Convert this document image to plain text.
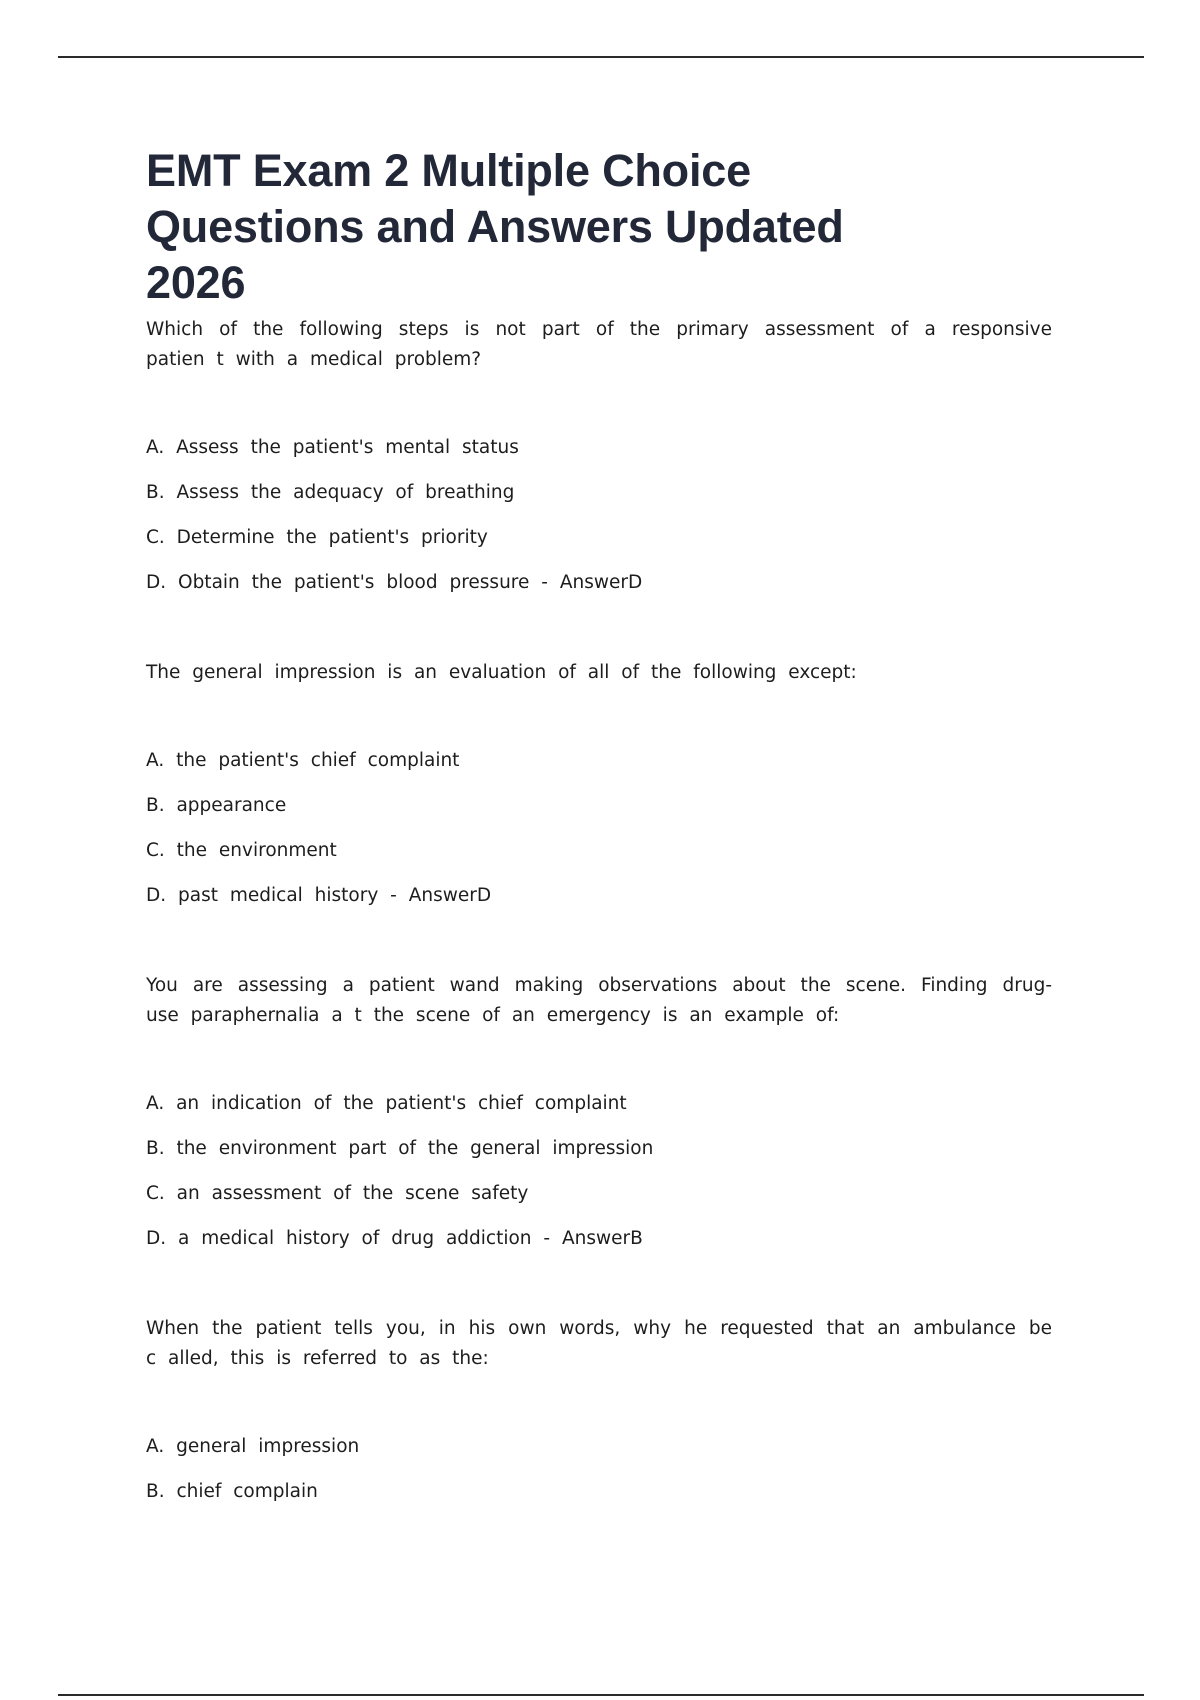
EMT Exam 2 Multiple Choice Questions and Answers Updated 2026

Which of the following steps is not part of the primary assessment of a responsive patien t with a medical problem?

A. Assess the patient's mental status
B. Assess the adequacy of breathing
C. Determine the patient's priority
D. Obtain the patient's blood pressure - AnswerD

The general impression is an evaluation of all of the following except:

A. the patient's chief complaint
B. appearance
C. the environment
D. past medical history - AnswerD

You are assessing a patient wand making observations about the scene. Finding drug- use paraphernalia a t the scene of an emergency is an example of:

A. an indication of the patient's chief complaint
B. the environment part of the general impression
C. an assessment of the scene safety
D. a medical history of drug addiction - AnswerB

When the patient tells you, in his own words, why he requested that an ambulance be c alled, this is referred to as the:

A. general impression
B. chief complain
